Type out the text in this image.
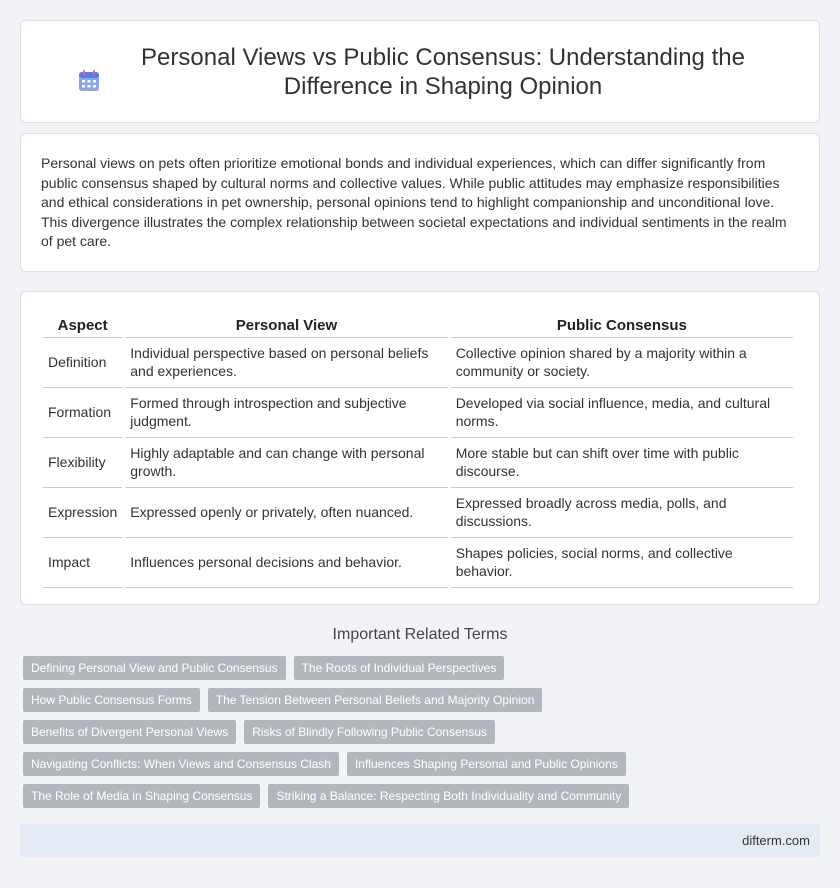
Personal Views vs Public Consensus: Understanding the Difference in Shaping Opinion

Personal views on pets often prioritize emotional bonds and individual experiences, which can differ significantly from public consensus shaped by cultural norms and collective values. While public attitudes may emphasize responsibilities and ethical considerations in pet ownership, personal opinions tend to highlight companionship and unconditional love. This divergence illustrates the complex relationship between societal expectations and individual sentiments in the realm of pet care.

Aspect	Personal View	Public Consensus
Definition	Individual perspective based on personal beliefs and experiences.	Collective opinion shared by a majority within a community or society.
Formation	Formed through introspection and subjective judgment.	Developed via social influence, media, and cultural norms.
Flexibility	Highly adaptable and can change with personal growth.	More stable but can shift over time with public discourse.
Expression	Expressed openly or privately, often nuanced.	Expressed broadly across media, polls, and discussions.
Impact	Influences personal decisions and behavior.	Shapes policies, social norms, and collective behavior.
Important Related Terms
Defining Personal View and Public Consensus	The Roots of Individual Perspectives
How Public Consensus Forms	The Tension Between Personal Beliefs and Majority Opinion
Benefits of Divergent Personal Views	Risks of Blindly Following Public Consensus
Navigating Conflicts: When Views and Consensus Clash	Influences Shaping Personal and Public Opinions
The Role of Media in Shaping Consensus	Striking a Balance: Respecting Both Individuality and Community
difterm.com
